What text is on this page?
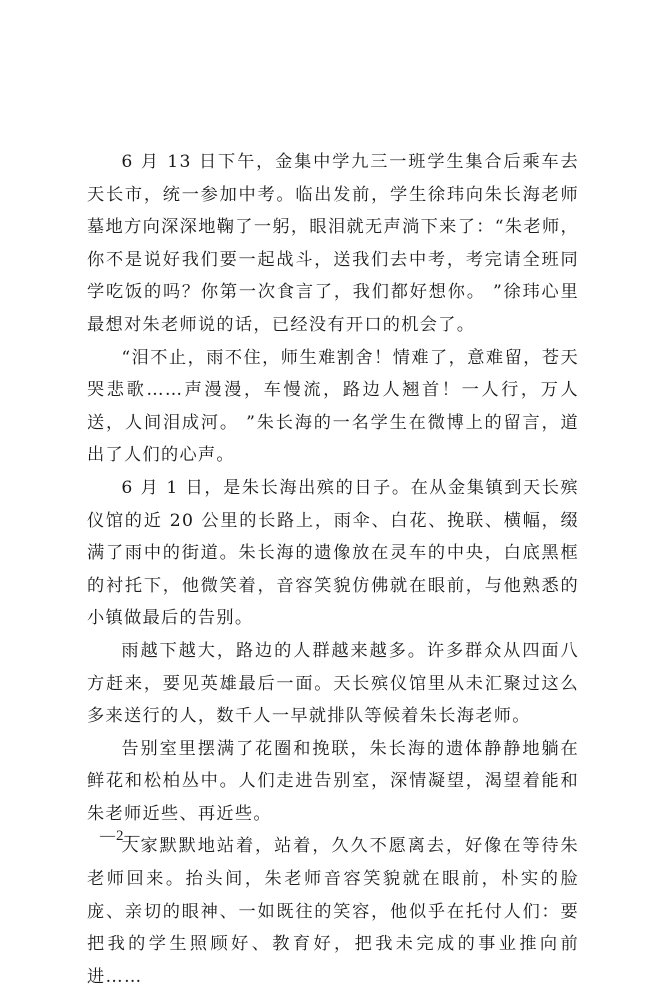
6 月 13 日下午，金集中学九三一班学生集合后乘车去天长市，统一参加中考。临出发前，学生徐玮向朱长海老师墓地方向深深地鞠了一躬，眼泪就无声淌下来了：“朱老师，你不是说好我们要一起战斗，送我们去中考，考完请全班同学吃饭的吗？你第一次食言了，我们都好想你。 ”徐玮心里最想对朱老师说的话，已经没有开口的机会了。

“泪不止，雨不住，师生难割舍！情难了，意难留，苍天哭悲歌……声漫漫，车慢流，路边人翘首！一人行，万人送，人间泪成河。 ”朱长海的一名学生在微博上的留言，道出了人们的心声。

6 月 1 日，是朱长海出殡的日子。在从金集镇到天长殡仪馆的近 20 公里的长路上，雨伞、白花、挽联、横幅，缀满了雨中的街道。朱长海的遗像放在灵车的中央，白底黑框的衬托下，他微笑着，音容笑貌仿佛就在眼前，与他熟悉的小镇做最后的告别。

雨越下越大，路边的人群越来越多。许多群众从四面八方赶来，要见英雄最后一面。天长殡仪馆里从未汇聚过这么多来送行的人，数千人一早就排队等候着朱长海老师。

告别室里摆满了花圈和挽联，朱长海的遗体静静地躺在鲜花和松柏丛中。人们走进告别室，深情凝望，渴望着能和朱老师近些、再近些。

大家默默地站着，站着，久久不愿离去，好像在等待朱老师回来。抬头间，朱老师音容笑貌就在眼前，朴实的脸庞、亲切的眼神、一如既往的笑容，他似乎在托付人们：要把我的学生照顾好、教育好，把我未完成的事业推向前进……

—2—
